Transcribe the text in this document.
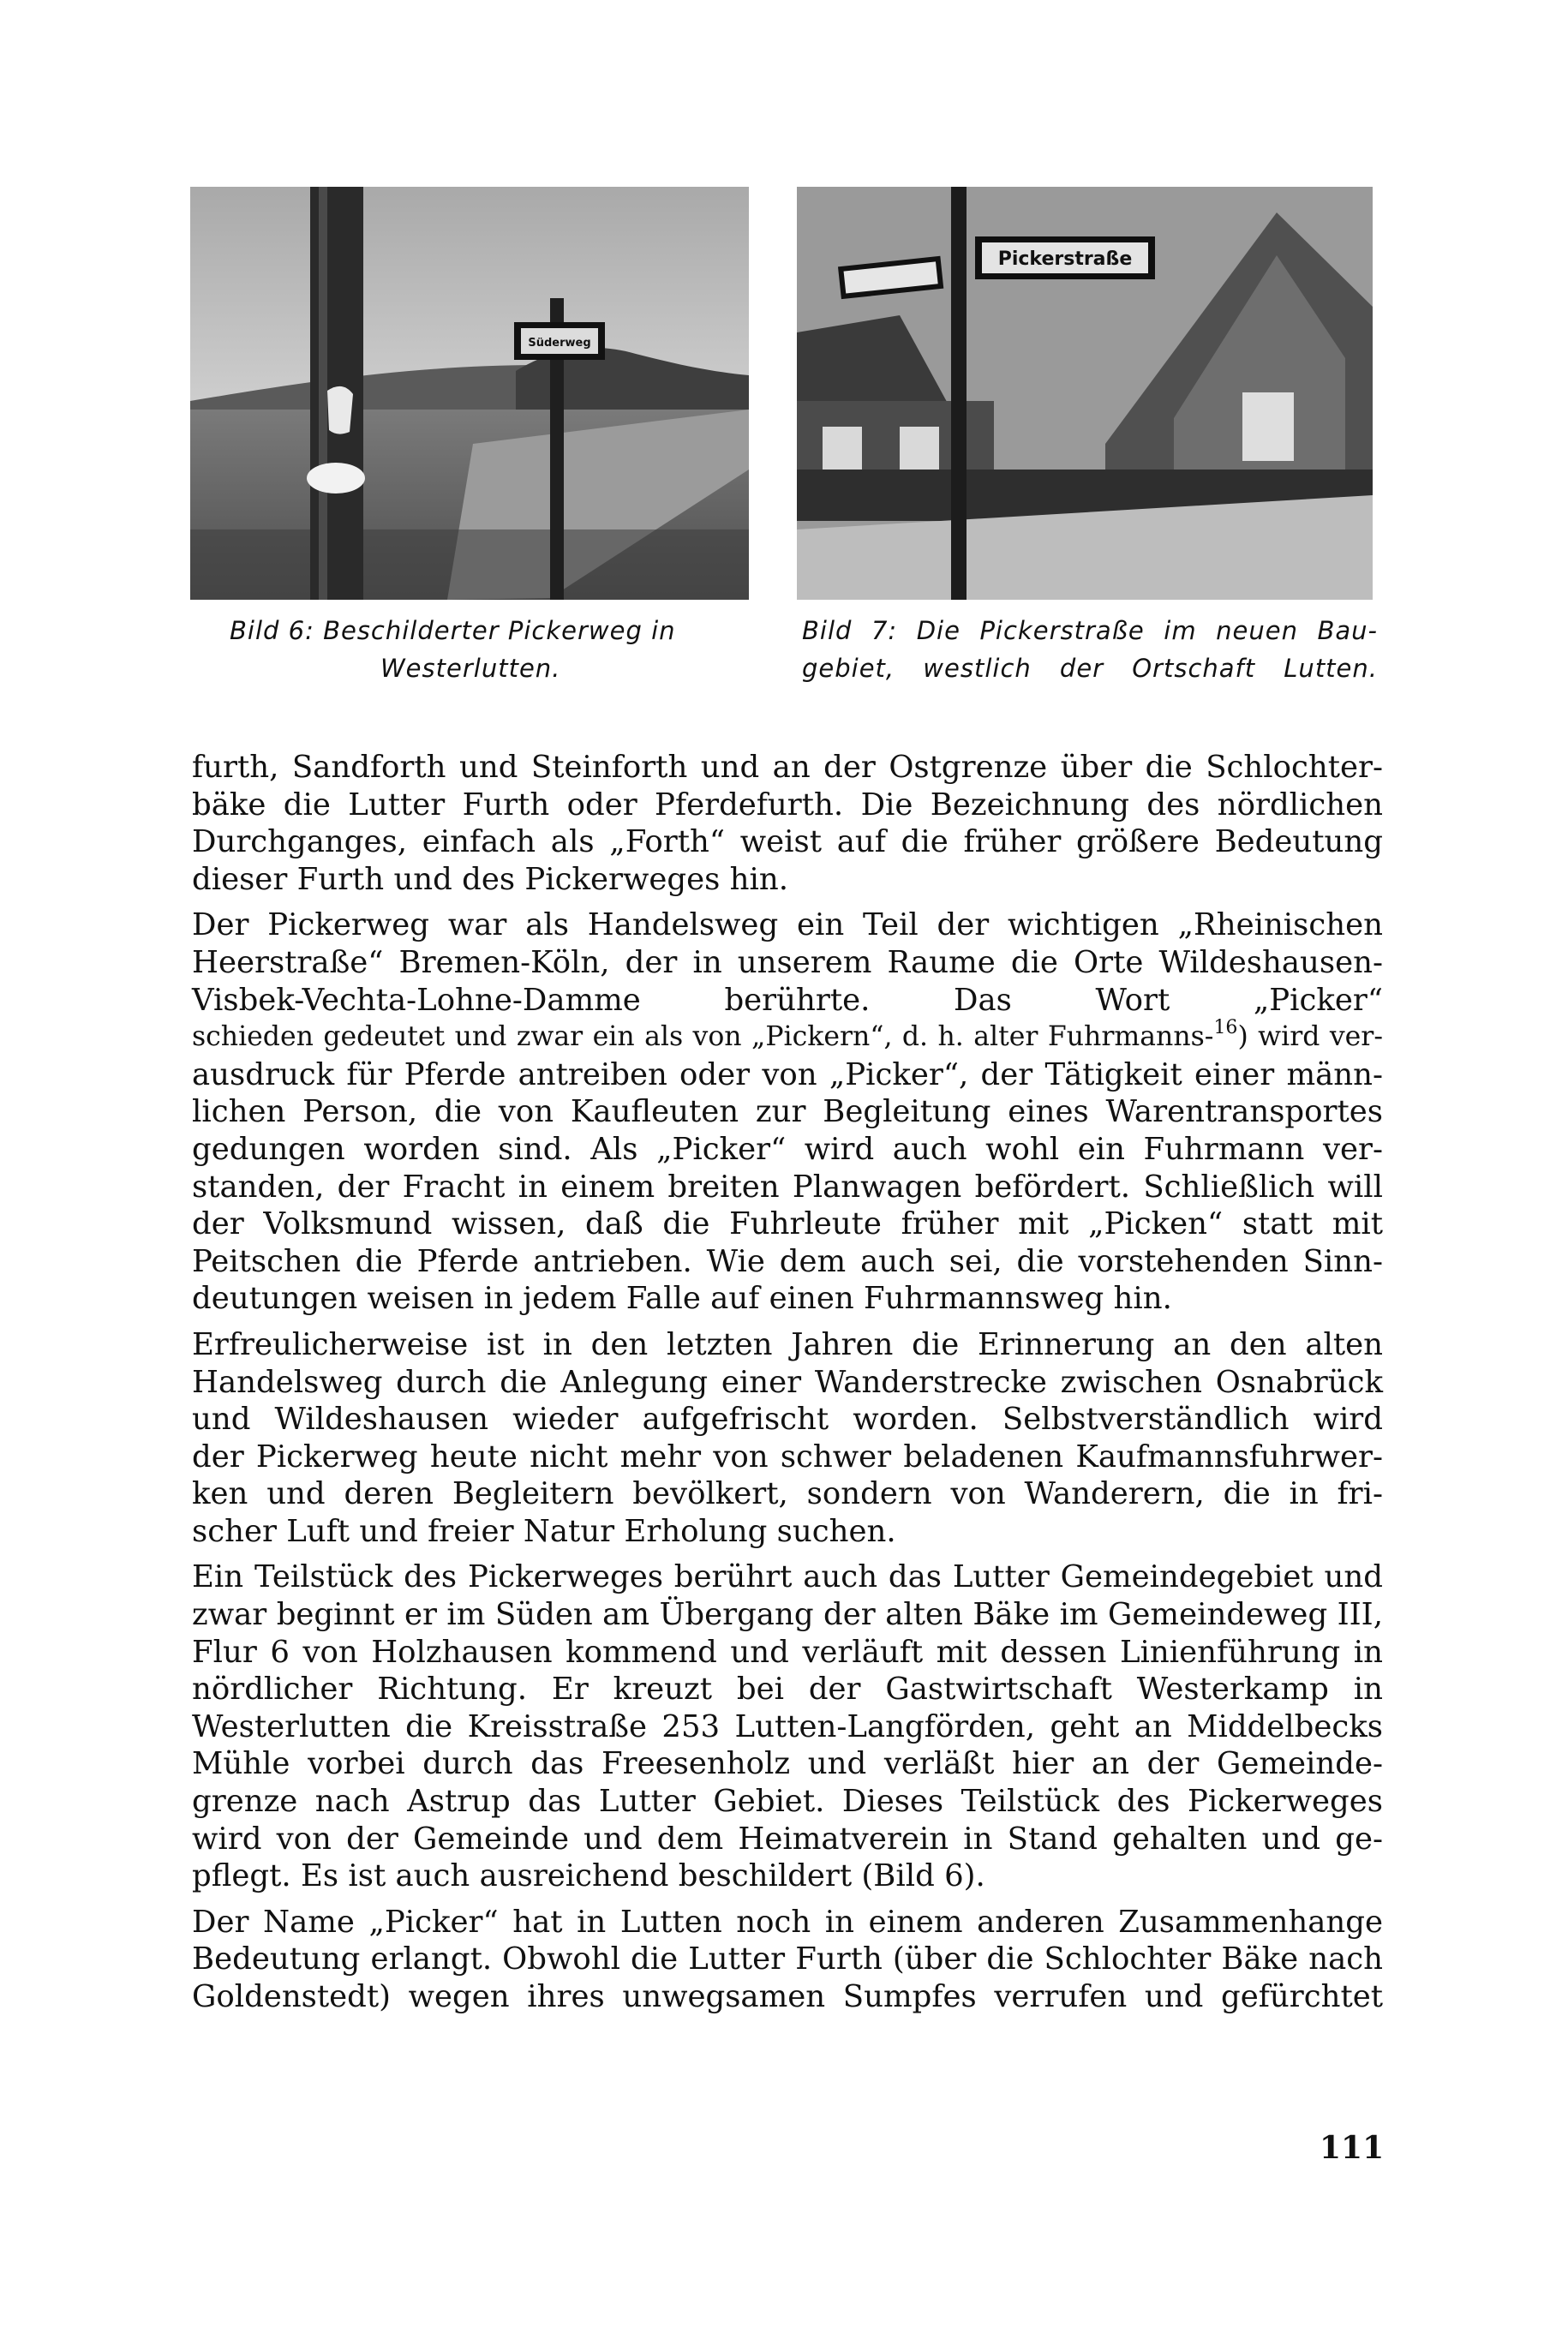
Süderweg
Pickerstraße
Bild 6: Beschilderter Pickerweg in
Westerlutten.
Bild 7: Die Pickerstraße im neuen Bau-
gebiet, westlich der Ortschaft Lutten.

furth, Sandforth und Steinforth und an der Ostgrenze über die Schlochter-
bäke die Lutter Furth oder Pferdefurth. Die Bezeichnung des nördlichen
Durchganges, einfach als „Forth“ weist auf die früher größere Bedeutung
dieser Furth und des Pickerweges hin.

Der Pickerweg war als Handelsweg ein Teil der wichtigen „Rheinischen
Heerstraße“ Bremen-Köln, der in unserem Raume die Orte Wildeshausen-
Visbek-Vechta-Lohne-Damme berührte. Das Wort „Picker“
schieden gedeutet und zwar ein als von „Pickern“, d. h. alter Fuhrmanns-$^{16}$) wird ver-
ausdruck für Pferde antreiben oder von „Picker“, der Tätigkeit einer männ-
lichen Person, die von Kaufleuten zur Begleitung eines Warentransportes
gedungen worden sind. Als „Picker“ wird auch wohl ein Fuhrmann ver-
standen, der Fracht in einem breiten Planwagen befördert. Schließlich will
der Volksmund wissen, daß die Fuhrleute früher mit „Picken“ statt mit
Peitschen die Pferde antrieben. Wie dem auch sei, die vorstehenden Sinn-
deutungen weisen in jedem Falle auf einen Fuhrmannsweg hin.

Erfreulicherweise ist in den letzten Jahren die Erinnerung an den alten
Handelsweg durch die Anlegung einer Wanderstrecke zwischen Osnabrück
und Wildeshausen wieder aufgefrischt worden. Selbstverständlich wird
der Pickerweg heute nicht mehr von schwer beladenen Kaufmannsfuhrwer-
ken und deren Begleitern bevölkert, sondern von Wanderern, die in fri-
scher Luft und freier Natur Erholung suchen.

Ein Teilstück des Pickerweges berührt auch das Lutter Gemeindegebiet und
zwar beginnt er im Süden am Übergang der alten Bäke im Gemeindeweg III,
Flur 6 von Holzhausen kommend und verläuft mit dessen Linienführung in
nördlicher Richtung. Er kreuzt bei der Gastwirtschaft Westerkamp in
Westerlutten die Kreisstraße 253 Lutten-Langförden, geht an Middelbecks
Mühle vorbei durch das Freesenholz und verläßt hier an der Gemeinde-
grenze nach Astrup das Lutter Gebiet. Dieses Teilstück des Pickerweges
wird von der Gemeinde und dem Heimatverein in Stand gehalten und ge-
pflegt. Es ist auch ausreichend beschildert (Bild 6).

Der Name „Picker“ hat in Lutten noch in einem anderen Zusammenhange
Bedeutung erlangt. Obwohl die Lutter Furth (über die Schlochter Bäke nach
Goldenstedt) wegen ihres unwegsamen Sumpfes verrufen und gefürchtet

111
